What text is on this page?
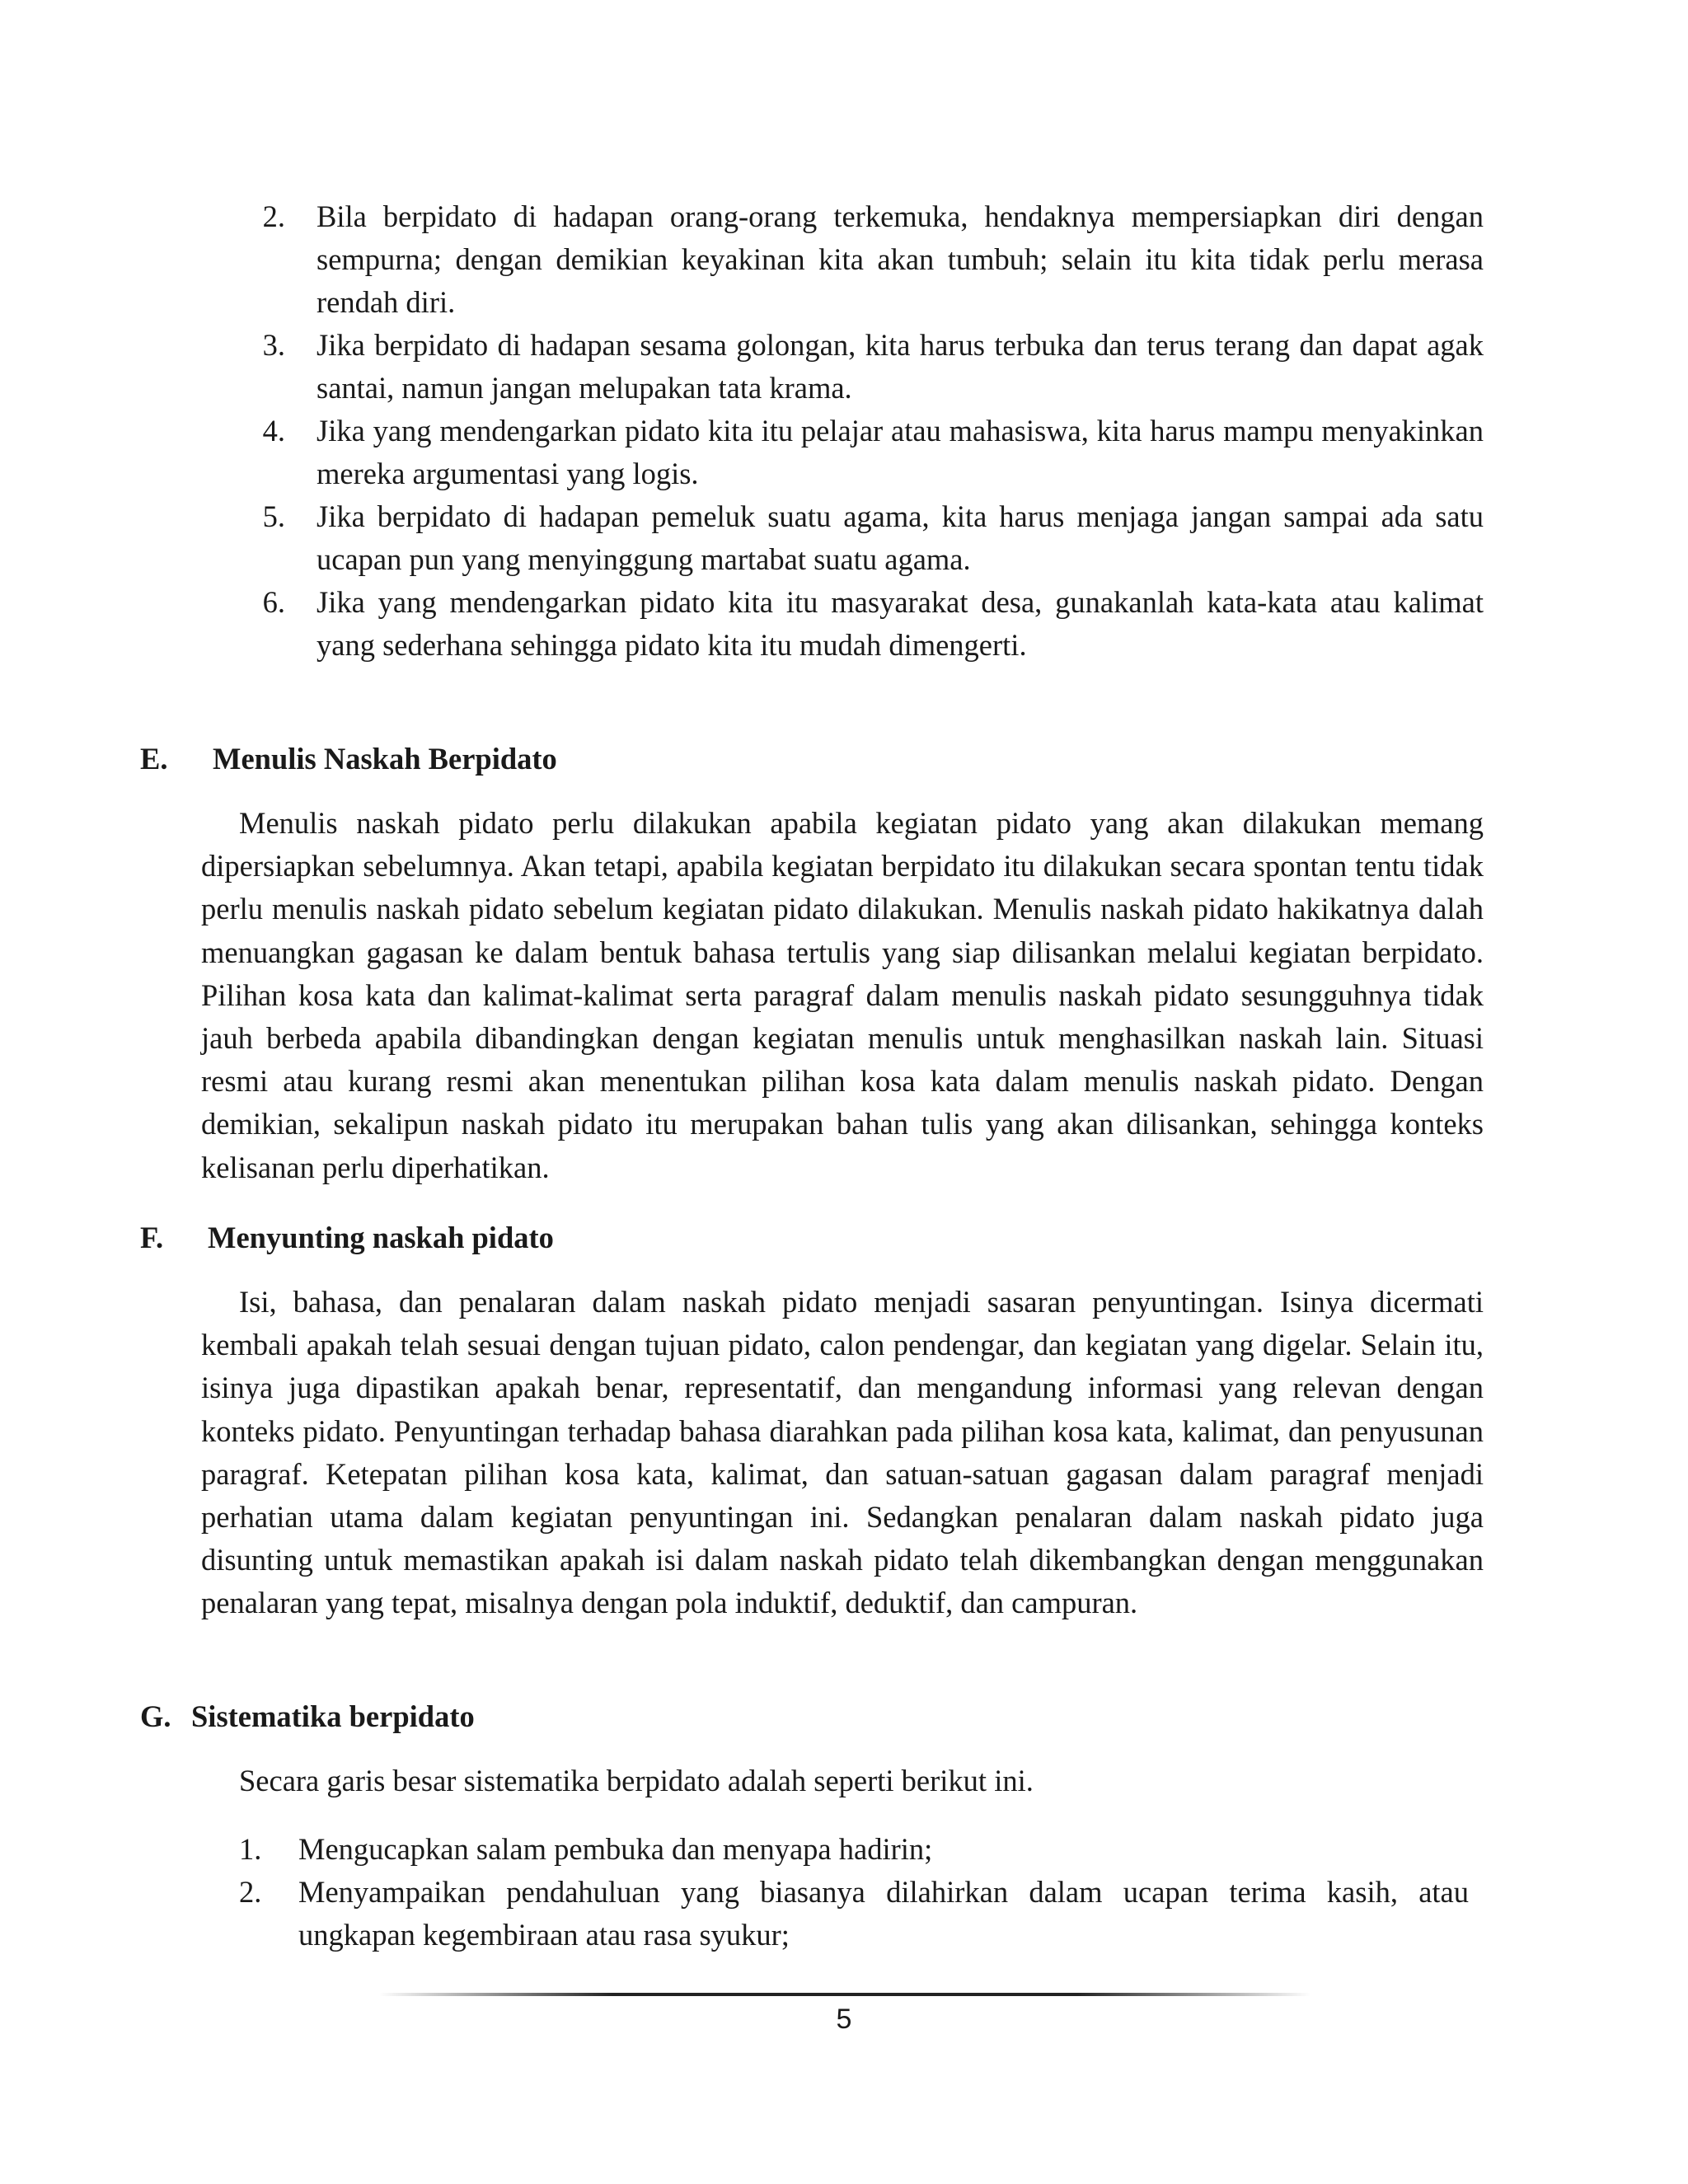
2. Bila berpidato di hadapan orang-orang terkemuka, hendaknya mempersiapkan diri dengan sempurna; dengan demikian keyakinan kita akan tumbuh; selain itu kita tidak perlu merasa rendah diri.
3. Jika berpidato di hadapan sesama golongan, kita harus terbuka dan terus terang dan dapat agak santai, namun jangan melupakan tata krama.
4. Jika yang mendengarkan pidato kita itu pelajar atau mahasiswa, kita harus mampu menyakinkan mereka argumentasi yang logis.
5. Jika berpidato di hadapan pemeluk suatu agama, kita harus menjaga jangan sampai ada satu ucapan pun yang menyinggung martabat suatu agama.
6. Jika yang mendengarkan pidato kita itu masyarakat desa, gunakanlah kata-kata atau kalimat yang sederhana sehingga pidato kita itu mudah dimengerti.
E. Menulis Naskah Berpidato

Menulis naskah pidato perlu dilakukan apabila kegiatan pidato yang akan dilakukan memang dipersiapkan sebelumnya. Akan tetapi, apabila kegiatan berpidato itu dilakukan secara spontan tentu tidak perlu menulis naskah pidato sebelum kegiatan pidato dilakukan. Menulis naskah pidato hakikatnya dalah menuangkan gagasan ke dalam bentuk bahasa tertulis yang siap dilisankan melalui kegiatan berpidato. Pilihan kosa kata dan kalimat-kalimat serta paragraf dalam menulis naskah pidato sesungguhnya tidak jauh berbeda apabila dibandingkan dengan kegiatan menulis untuk menghasilkan naskah lain. Situasi resmi atau kurang resmi akan menentukan pilihan kosa kata dalam menulis naskah pidato. Dengan demikian, sekalipun naskah pidato itu merupakan bahan tulis yang akan dilisankan, sehingga konteks kelisanan perlu diperhatikan.

F. Menyunting naskah pidato

Isi, bahasa, dan penalaran dalam naskah pidato menjadi sasaran penyuntingan. Isinya dicermati kembali apakah telah sesuai dengan tujuan pidato, calon pendengar, dan kegiatan yang digelar. Selain itu, isinya juga dipastikan apakah benar, representatif, dan mengandung informasi yang relevan dengan konteks pidato. Penyuntingan terhadap bahasa diarahkan pada pilihan kosa kata, kalimat, dan penyusunan paragraf. Ketepatan pilihan kosa kata, kalimat, dan satuan-satuan gagasan dalam paragraf menjadi perhatian utama dalam kegiatan penyuntingan ini. Sedangkan penalaran dalam naskah pidato juga disunting untuk memastikan apakah isi dalam naskah pidato telah dikembangkan dengan menggunakan penalaran yang tepat, misalnya dengan pola induktif, deduktif, dan campuran.

G. Sistematika berpidato

Secara garis besar sistematika berpidato adalah seperti berikut ini.

1. Mengucapkan salam pembuka dan menyapa hadirin;
2. Menyampaikan pendahuluan yang biasanya dilahirkan dalam ucapan terima kasih, atau ungkapan kegembiraan atau rasa syukur;
5
